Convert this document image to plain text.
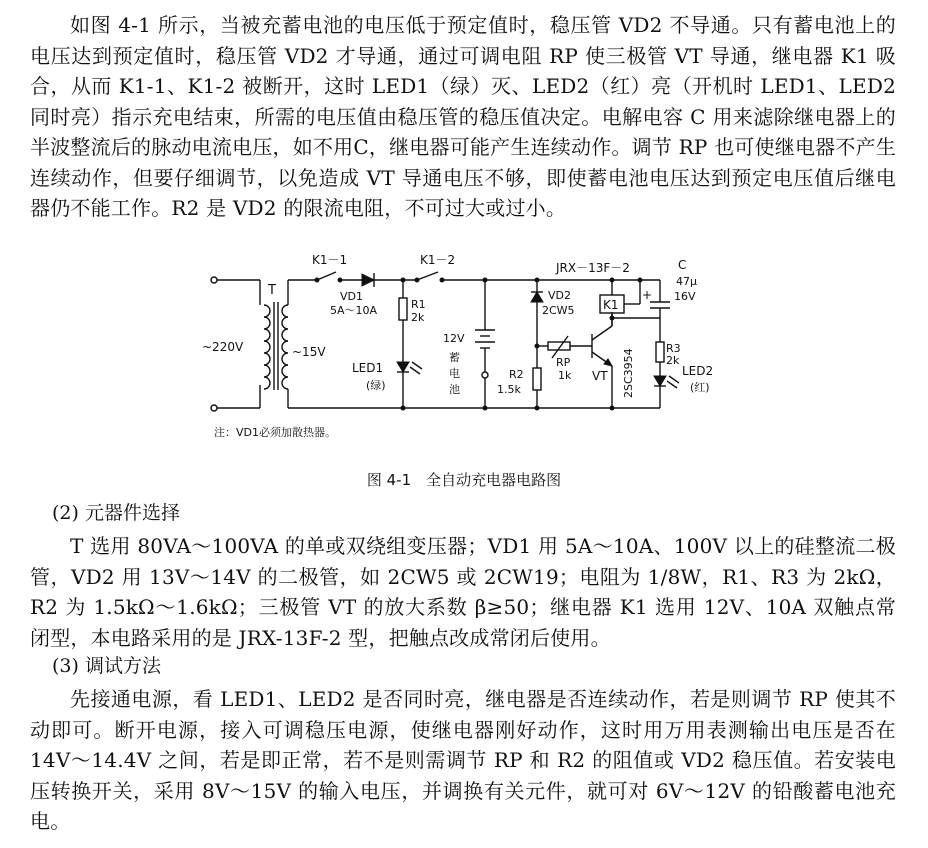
如图 4-1 所示，当被充蓄电池的电压低于预定值时，稳压管 VD2 不导通。只有蓄电池上的电压达到预定值时，稳压管 VD2 才导通，通过可调电阻 RP 使三极管 VT 导通，继电器 K1 吸合，从而 K1-1、K1-2 被断开，这时 LED1（绿）灭、LED2（红）亮（开机时 LED1、LED2 同时亮）指示充电结束，所需的电压值由稳压管的稳压值决定。电解电容 C 用来滤除继电器上的半波整流后的脉动电流电压，如不用C，继电器可能产生连续动作。调节 RP 也可使继电器不产生连续动作，但要仔细调节，以免造成 VT 导通电压不够，即使蓄电池电压达到预定电压值后继电器仍不能工作。R2 是 VD2 的限流电阻，不可过大或过小。

~220V
T
~15V
K1－1
VD1
5A～10A	R1
2k
LED1
(绿)
K1－2
12V
蓄
电
池
VD2
2CW5
R2
1.5k
RP
1k VT 2SC3954
JRX－13F－2
K1
+
C
47μ
16V
R3
2k
LED2
(红)
注：VD1必须加散热器。
图 4-1　全自动充电器电路图

(2) 元器件选择

T 选用 80VA～100VA 的单或双绕组变压器；VD1 用 5A～10A、100V 以上的硅整流二极管，VD2 用 13V～14V 的二极管，如 2CW5 或 2CW19；电阻为 1/8W，R1、R3 为 2kΩ，R2 为 1.5kΩ～1.6kΩ；三极管 VT 的放大系数 β≥50；继电器 K1 选用 12V、10A 双触点常闭型，本电路采用的是 JRX-13F-2 型，把触点改成常闭后使用。

(3) 调试方法

先接通电源，看 LED1、LED2 是否同时亮，继电器是否连续动作，若是则调节 RP 使其不动即可。断开电源，接入可调稳压电源，使继电器刚好动作，这时用万用表测输出电压是否在 14V～14.4V 之间，若是即正常，若不是则需调节 RP 和 R2 的阻值或 VD2 稳压值。若安装电压转换开关，采用 8V～15V 的输入电压，并调换有关元件，就可对 6V～12V 的铅酸蓄电池充电。
